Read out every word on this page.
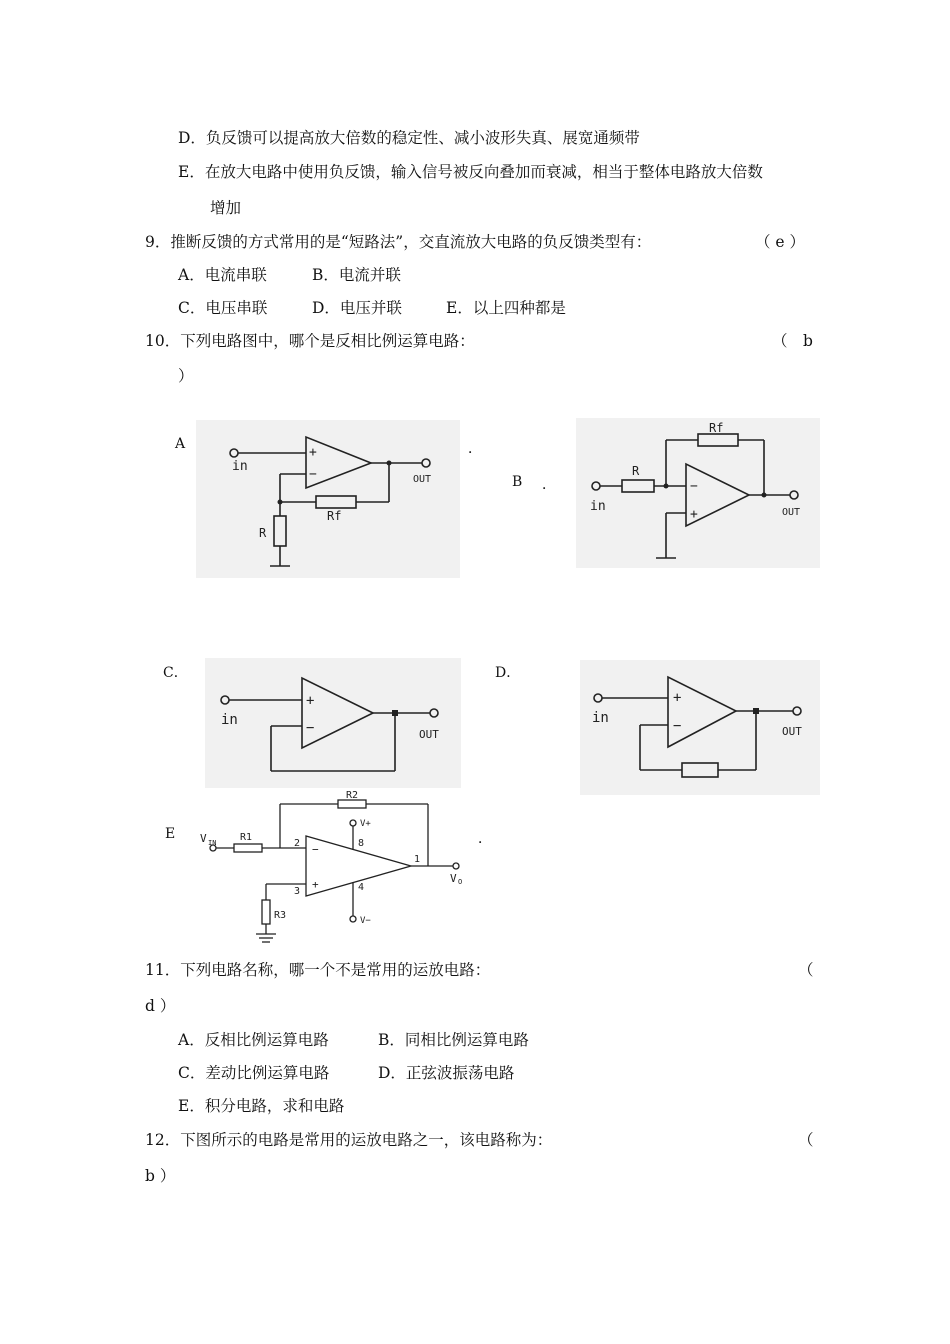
D．负反馈可以提高放大倍数的稳定性、减小波形失真、展宽通频带
E．在放大电路中使用负反馈，输入信号被反向叠加而衰减，相当于整体电路放大倍数
增加
9．推断反馈的方式常用的是“短路法”，交直流放大电路的负反馈类型有：	（ e ）
A．电流串联	B．电流并联
C．电压串联	D．电压并联	E．以上四种都是
10．下列电路图中，哪个是反相比例运算电路：	（　b
）
A	．
B ．
C．	D．
E	．
in
+
−	OUT
Rf
R
in
R
Rf
−
+	OUT
in
+
−	OUT
in
+
−	OUT
V IN R1
R2
R3
2
3
8
4
1
−
+
V+
V−
V O
11．下列电路名称，哪一个不是常用的运放电路：	（
d ）
A．反相比例运算电路	B．同相比例运算电路
C．差动比例运算电路	D．正弦波振荡电路
E．积分电路，求和电路
12．下图所示的电路是常用的运放电路之一，该电路称为：	（
b ）
